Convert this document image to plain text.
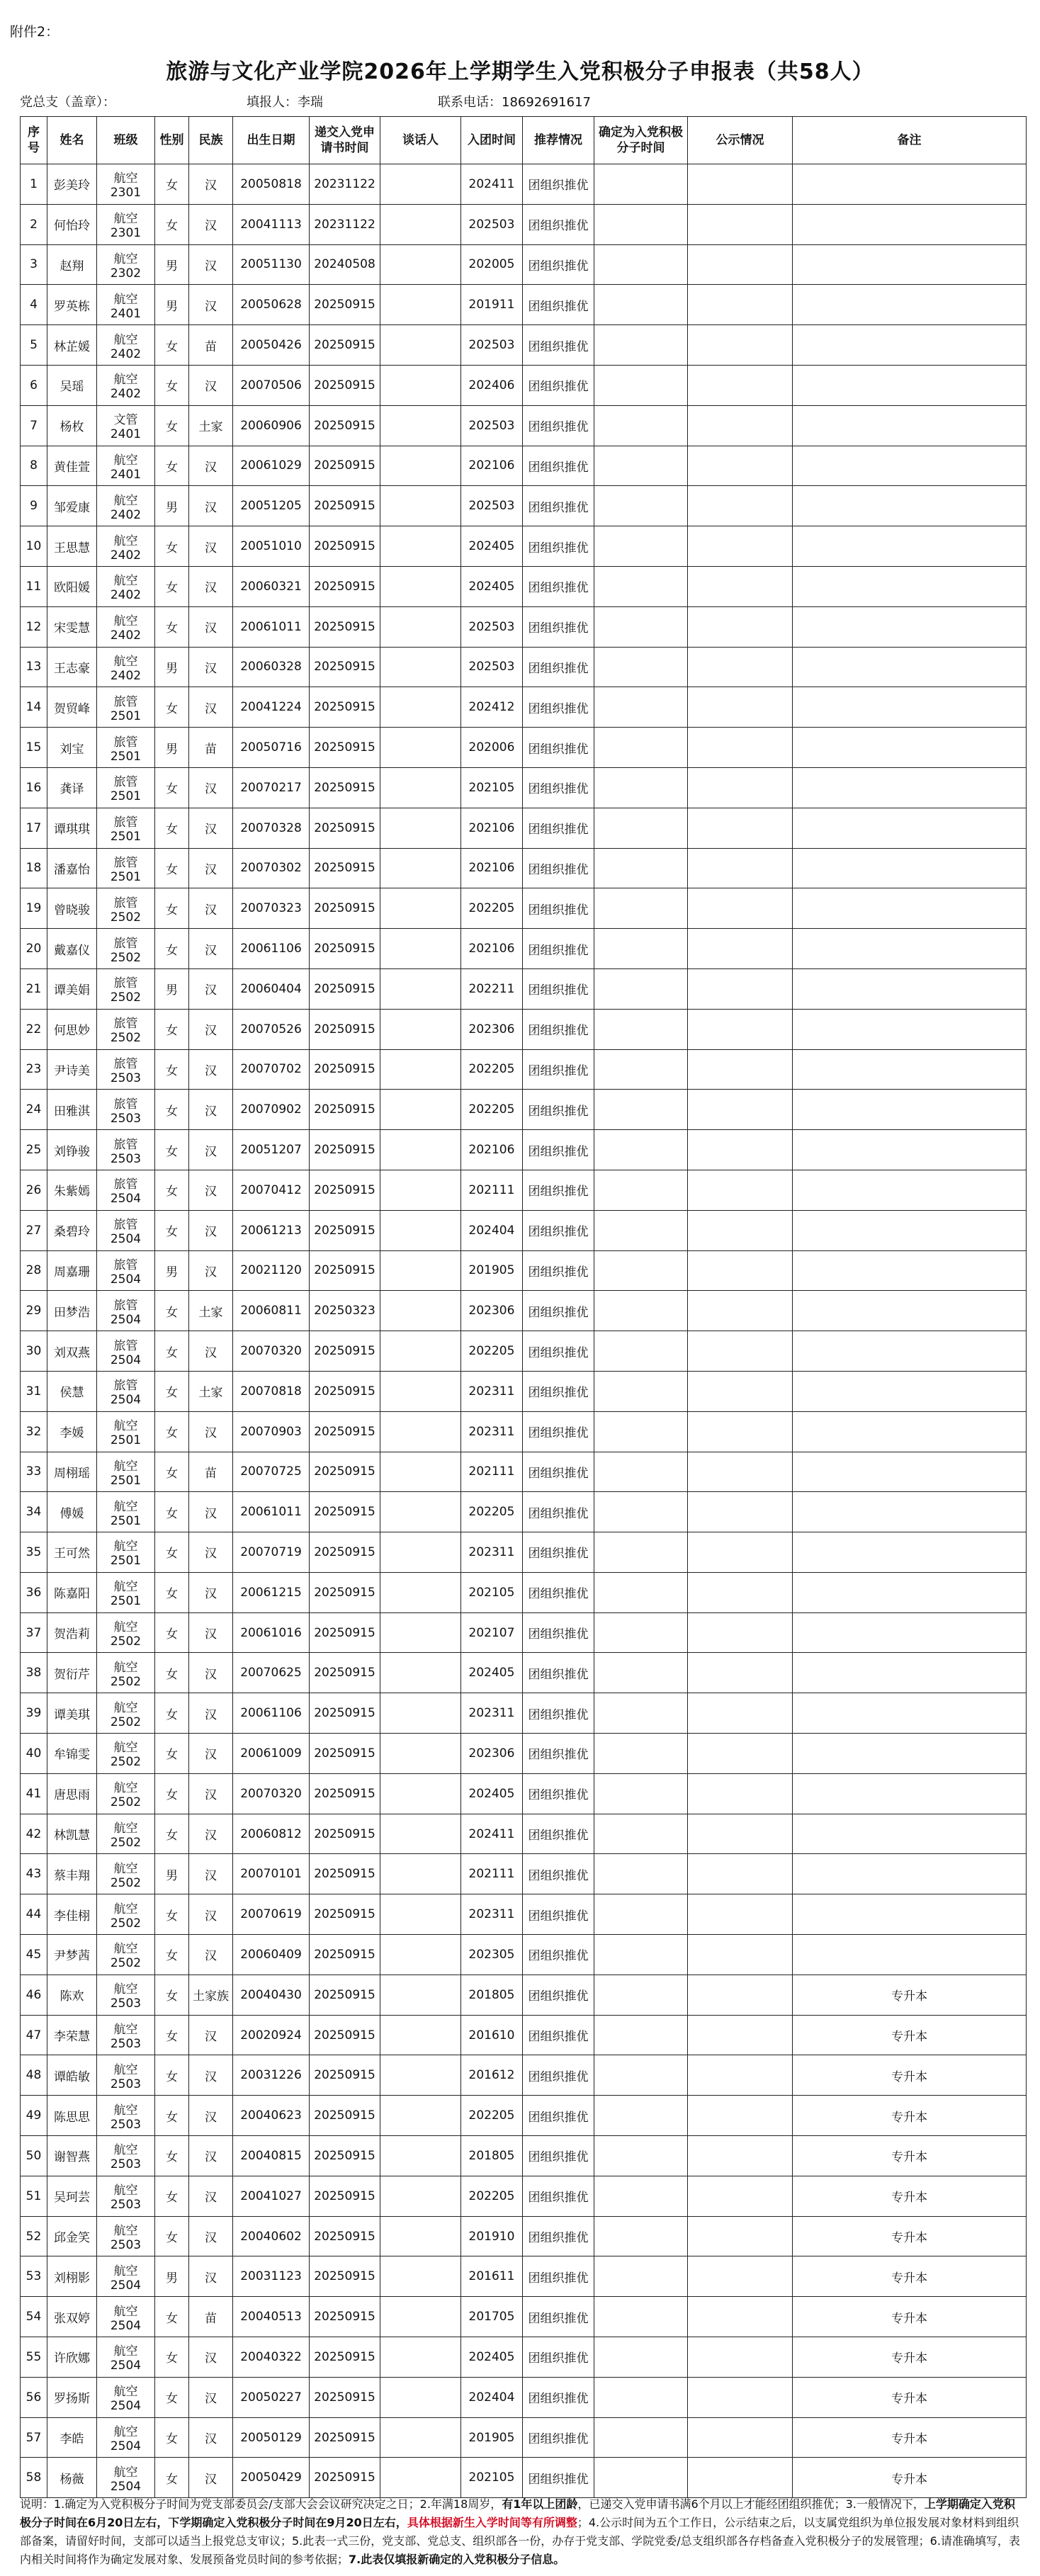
附件2：
旅游与文化产业学院2026年上学期学生入党积极分子申报表（共58人）
党总支（盖章）：	填报人：李瑞	联系电话：18692691617
序号	姓名	班级	性别	民族	出生日期	递交入党申请书时间	谈话人	入团时间	推荐情况	确定为入党积极分子时间	公示情况	备注
1	彭美玲	航空2301	女	汉	20050818	20231122		202411	团组织推优			
2	何怡玲	航空2301	女	汉	20041113	20231122		202503	团组织推优			
3	赵翔	航空2302	男	汉	20051130	20240508		202005	团组织推优			
4	罗英栋	航空2401	男	汉	20050628	20250915		201911	团组织推优			
5	林芷媛	航空2402	女	苗	20050426	20250915		202503	团组织推优			
6	吴瑶	航空2402	女	汉	20070506	20250915		202406	团组织推优			
7	杨枚	文管2401	女	土家	20060906	20250915		202503	团组织推优			
8	黄佳萱	航空2401	女	汉	20061029	20250915		202106	团组织推优			
9	邹爱康	航空2402	男	汉	20051205	20250915		202503	团组织推优			
10	王思慧	航空2402	女	汉	20051010	20250915		202405	团组织推优			
11	欧阳媛	航空2402	女	汉	20060321	20250915		202405	团组织推优			
12	宋雯慧	航空2402	女	汉	20061011	20250915		202503	团组织推优			
13	王志豪	航空2402	男	汉	20060328	20250915		202503	团组织推优			
14	贺贸峰	旅管2501	女	汉	20041224	20250915		202412	团组织推优			
15	刘宝	旅管2501	男	苗	20050716	20250915		202006	团组织推优			
16	龚译	旅管2501	女	汉	20070217	20250915		202105	团组织推优			
17	谭琪琪	旅管2501	女	汉	20070328	20250915		202106	团组织推优			
18	潘嘉怡	旅管2501	女	汉	20070302	20250915		202106	团组织推优			
19	曾晓骏	旅管2502	女	汉	20070323	20250915		202205	团组织推优			
20	戴嘉仪	旅管2502	女	汉	20061106	20250915		202106	团组织推优			
21	谭美娟	旅管2502	男	汉	20060404	20250915		202211	团组织推优			
22	何思妙	旅管2502	女	汉	20070526	20250915		202306	团组织推优			
23	尹诗美	旅管2503	女	汉	20070702	20250915		202205	团组织推优			
24	田雅淇	旅管2503	女	汉	20070902	20250915		202205	团组织推优			
25	刘铮骏	旅管2503	女	汉	20051207	20250915		202106	团组织推优			
26	朱紫嫣	旅管2504	女	汉	20070412	20250915		202111	团组织推优			
27	桑碧玲	旅管2504	女	汉	20061213	20250915		202404	团组织推优			
28	周嘉珊	旅管2504	男	汉	20021120	20250915		201905	团组织推优			
29	田梦浩	旅管2504	女	土家	20060811	20250323		202306	团组织推优			
30	刘双燕	旅管2504	女	汉	20070320	20250915		202205	团组织推优			
31	侯慧	旅管2504	女	土家	20070818	20250915		202311	团组织推优			
32	李媛	航空2501	女	汉	20070903	20250915		202311	团组织推优			
33	周栩瑶	航空2501	女	苗	20070725	20250915		202111	团组织推优			
34	傅媛	航空2501	女	汉	20061011	20250915		202205	团组织推优			
35	王可然	航空2501	女	汉	20070719	20250915		202311	团组织推优			
36	陈嘉阳	航空2501	女	汉	20061215	20250915		202105	团组织推优			
37	贺浩莉	航空2502	女	汉	20061016	20250915		202107	团组织推优			
38	贺衍芹	航空2502	女	汉	20070625	20250915		202405	团组织推优			
39	谭美琪	航空2502	女	汉	20061106	20250915		202311	团组织推优			
40	牟锦雯	航空2502	女	汉	20061009	20250915		202306	团组织推优			
41	唐思雨	航空2502	女	汉	20070320	20250915		202405	团组织推优			
42	林凯慧	航空2502	女	汉	20060812	20250915		202411	团组织推优			
43	蔡丰翔	航空2502	男	汉	20070101	20250915		202111	团组织推优			
44	李佳栩	航空2502	女	汉	20070619	20250915		202311	团组织推优			
45	尹梦茜	航空2502	女	汉	20060409	20250915		202305	团组织推优			
46	陈欢	航空2503	女	土家族	20040430	20250915		201805	团组织推优			专升本
47	李荣慧	航空2503	女	汉	20020924	20250915		201610	团组织推优			专升本
48	谭皓敏	航空2503	女	汉	20031226	20250915		201612	团组织推优			专升本
49	陈思思	航空2503	女	汉	20040623	20250915		202205	团组织推优			专升本
50	谢智燕	航空2503	女	汉	20040815	20250915		201805	团组织推优			专升本
51	吴珂芸	航空2503	女	汉	20041027	20250915		202205	团组织推优			专升本
52	邱金笑	航空2503	女	汉	20040602	20250915		201910	团组织推优			专升本
53	刘栩影	航空2504	男	汉	20031123	20250915		201611	团组织推优			专升本
54	张双婷	航空2504	女	苗	20040513	20250915		201705	团组织推优			专升本
55	许欣娜	航空2504	女	汉	20040322	20250915		202405	团组织推优			专升本
56	罗扬斯	航空2504	女	汉	20050227	20250915		202404	团组织推优			专升本
57	李皓	航空2504	女	汉	20050129	20250915		201905	团组织推优			专升本
58	杨薇	航空2504	女	汉	20050429	20250915		202105	团组织推优			专升本
说明：1.确定为入党积极分子时间为党支部委员会/支部大会会议研究决定之日；2.年满18周岁，有1年以上团龄，已递交入党申请书满6个月以上才能经团组织推优；3.一般情况下，上学期确定入党积极分子时间在6月20日左右，下学期确定入党积极分子时间在9月20日左右，具体根据新生入学时间等有所调整；4.公示时间为五个工作日，公示结束之后，以支属党组织为单位报发展对象材料到组织部备案，请留好时间，支部可以适当上报党总支审议；5.此表一式三份，党支部、党总支、组织部各一份，办存于党支部、学院党委/总支组织部各存档备查入党积极分子的发展管理；6.请准确填写，表内相关时间将作为确定发展对象、发展预备党员时间的参考依据；7.此表仅填报新确定的入党积极分子信息。
